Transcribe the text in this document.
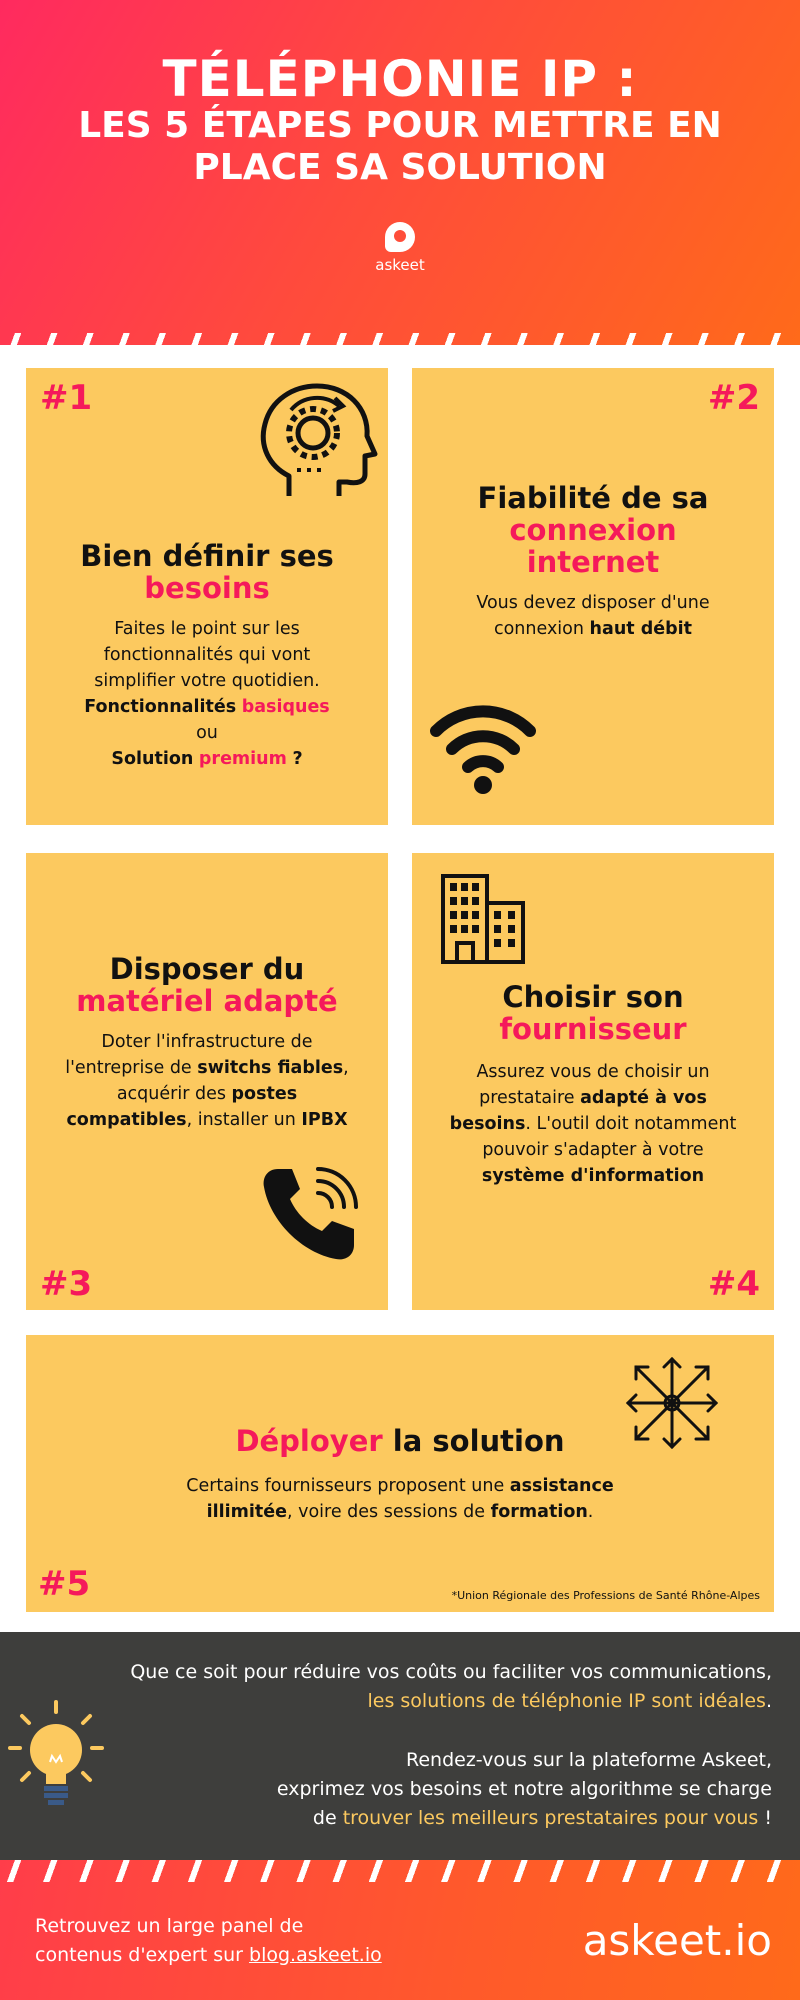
TÉLÉPHONIE IP :
LES 5 ÉTAPES POUR METTRE EN
PLACE SA SOLUTION
askeet
#1
Bien définir ses
besoins
Faites le point sur les
fonctionnalités qui vont
simplifier votre quotidien.
Fonctionnalités basiques
ou
Solution premium ?
#2
Fiabilité de sa
connexion
internet
Vous devez disposer d'une
connexion haut débit
Disposer du
matériel adapté
Doter l'infrastructure de
l'entreprise de switchs fiables,
acquérir des postes
compatibles, installer un IPBX
#3
Choisir son
fournisseur
Assurez vous de choisir un
prestataire adapté à vos
besoins. L'outil doit notamment
pouvoir s'adapter à votre
système d'information
#4
Déployer la solution
Certains fournisseurs proposent une assistance
illimitée, voire des sessions de formation.
#5	*Union Régionale des Professions de Santé Rhône-Alpes
Que ce soit pour réduire vos coûts ou faciliter vos communications,
les solutions de téléphonie IP sont idéales.
Rendez-vous sur la plateforme Askeet,
exprimez vos besoins et notre algorithme se charge
de trouver les meilleurs prestataires pour vous !
Retrouvez un large panel de
contenus d'expert sur blog.askeet.io	askeet.io
